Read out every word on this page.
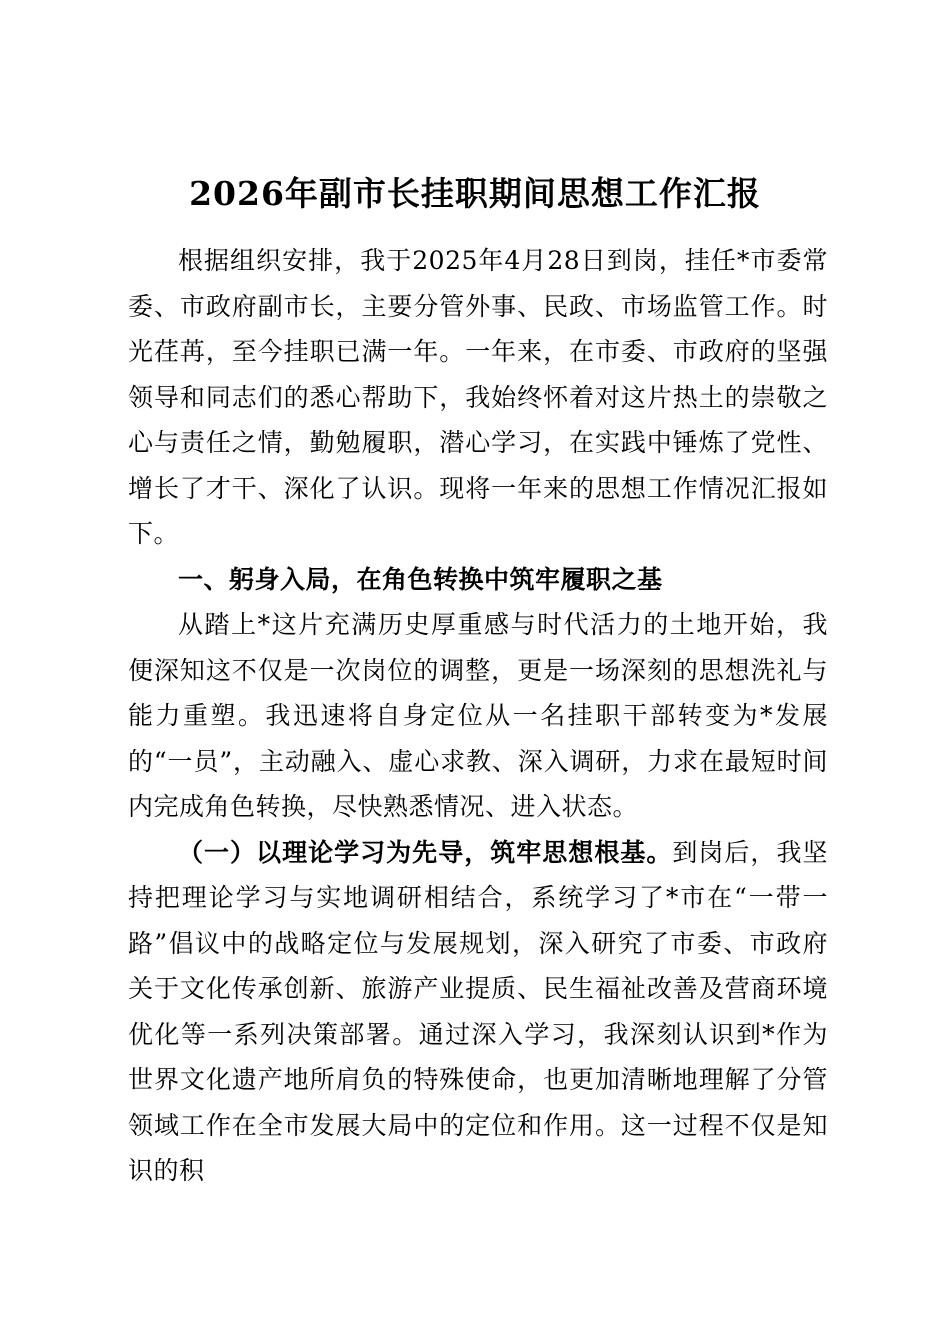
2026年副市长挂职期间思想工作汇报

根据组织安排，我于2025年4月28日到岗，挂任*市委常委、市政府副市长，主要分管外事、民政、市场监管工作。时光荏苒，至今挂职已满一年。一年来，在市委、市政府的坚强领导和同志们的悉心帮助下，我始终怀着对这片热土的崇敬之心与责任之情，勤勉履职，潜心学习，在实践中锤炼了党性、增长了才干、深化了认识。现将一年来的思想工作情况汇报如下。

一、躬身入局，在角色转换中筑牢履职之基

从踏上*这片充满历史厚重感与时代活力的土地开始，我便深知这不仅是一次岗位的调整，更是一场深刻的思想洗礼与能力重塑。我迅速将自身定位从一名挂职干部转变为*发展的“一员”，主动融入、虚心求教、深入调研，力求在最短时间内完成角色转换，尽快熟悉情况、进入状态。

（一）以理论学习为先导，筑牢思想根基。到岗后，我坚持把理论学习与实地调研相结合，系统学习了*市在“一带一路”倡议中的战略定位与发展规划，深入研究了市委、市政府关于文化传承创新、旅游产业提质、民生福祉改善及营商环境优化等一系列决策部署。通过深入学习，我深刻认识到*作为世界文化遗产地所肩负的特殊使命，也更加清晰地理解了分管领域工作在全市发展大局中的定位和作用。这一过程不仅是知识的积
